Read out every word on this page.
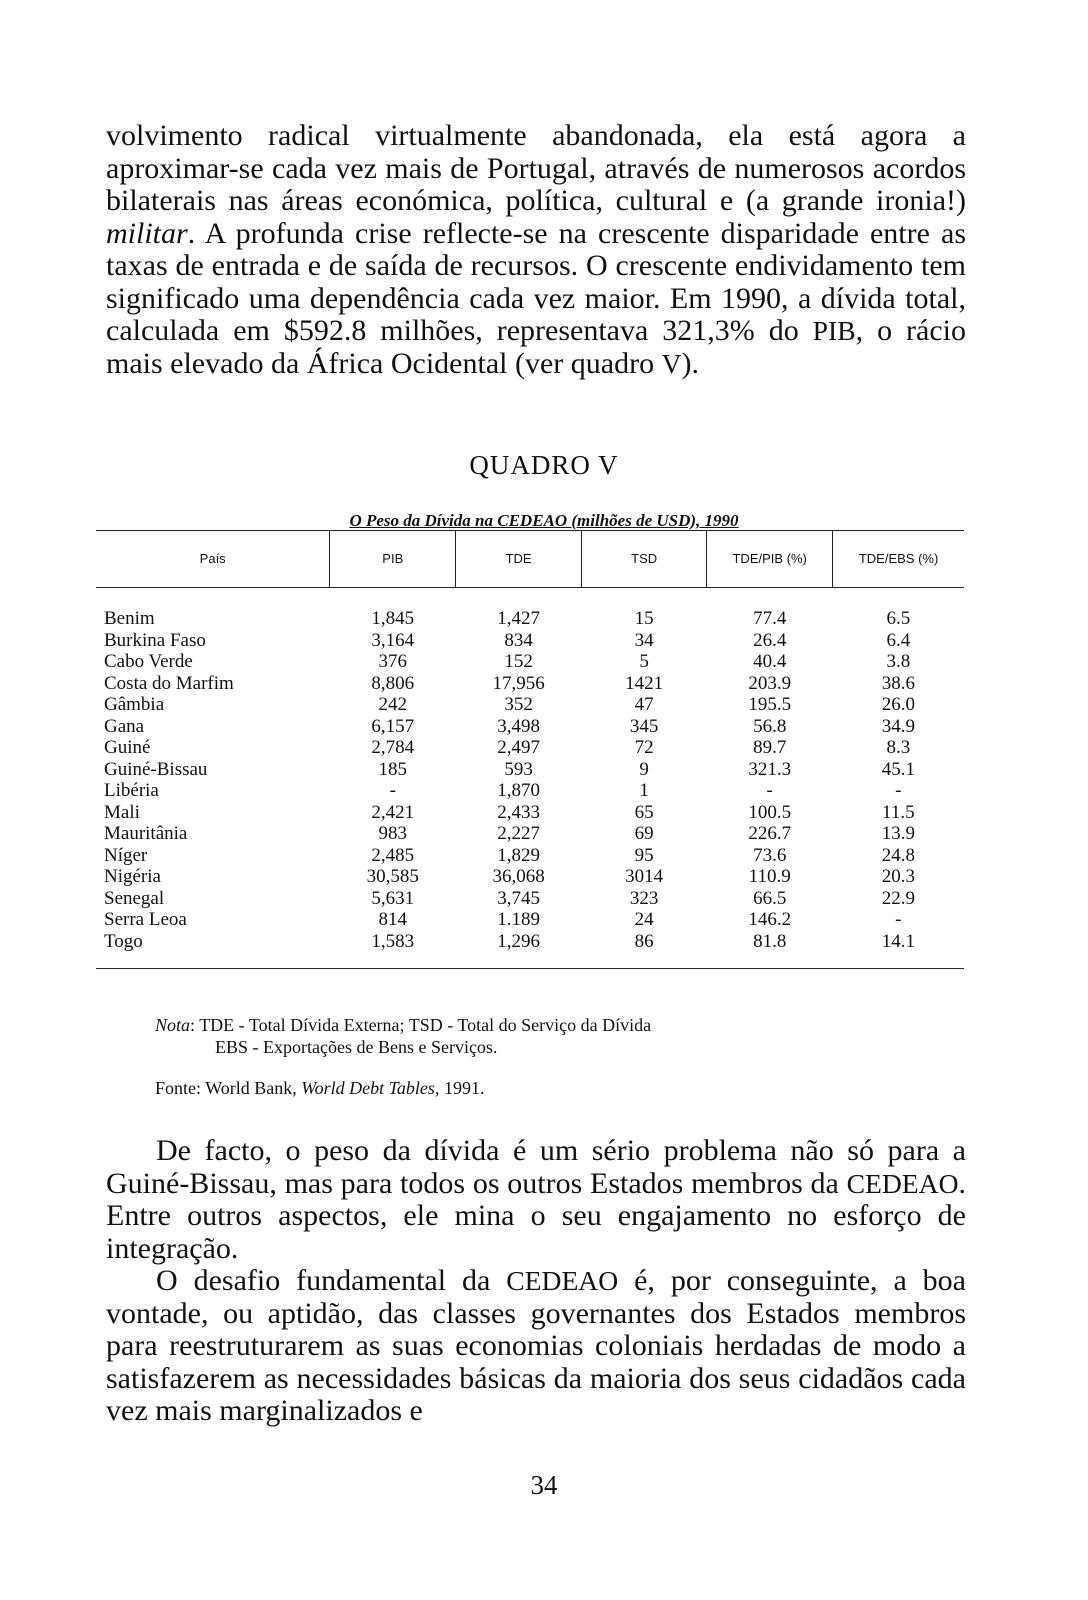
volvimento radical virtualmente abandonada, ela está agora a aproximar-se cada vez mais de Portugal, através de numerosos acordos bilaterais nas áreas económica, política, cultural e (a grande ironia!) militar. A profunda crise reflecte-se na crescente disparidade entre as taxas de entrada e de saída de recursos. O crescente endividamento tem significado uma dependência cada vez maior. Em 1990, a dívida total, calculada em $592.8 milhões, representava 321,3% do PIB, o rácio mais elevado da África Ocidental (ver quadro V).

QUADRO V
O Peso da Dívida na CEDEAO (milhões de USD), 1990
País	PIB	TDE	TSD	TDE/PIB (%)	TDE/EBS (%)
Benim	1,845	1,427	15	77.4	6.5
Burkina Faso	3,164	834	34	26.4	6.4
Cabo Verde	376	152	5	40.4	3.8
Costa do Marfim	8,806	17,956	1421	203.9	38.6
Gâmbia	242	352	47	195.5	26.0
Gana	6,157	3,498	345	56.8	34.9
Guiné	2,784	2,497	72	89.7	8.3
Guiné-Bissau	185	593	9	321.3	45.1
Libéria	-	1,870	1	-	-
Mali	2,421	2,433	65	100.5	11.5
Mauritânia	983	2,227	69	226.7	13.9
Níger	2,485	1,829	95	73.6	24.8
Nigéria	30,585	36,068	3014	110.9	20.3
Senegal	5,631	3,745	323	66.5	22.9
Serra Leoa	814	1.189	24	146.2	-
Togo	1,583	1,296	86	81.8	14.1
Nota: TDE - Total Dívida Externa; TSD - Total do Serviço da Dívida
EBS - Exportações de Bens e Serviços.
Fonte: World Bank, World Debt Tables, 1991.

De facto, o peso da dívida é um sério problema não só para a Guiné-Bissau, mas para todos os outros Estados membros da CEDEAO. Entre outros aspectos, ele mina o seu engajamento no esforço de integração.

O desafio fundamental da CEDEAO é, por conseguinte, a boa vontade, ou aptidão, das classes governantes dos Estados membros para reestruturarem as suas economias coloniais herdadas de modo a satisfazerem as necessidades básicas da maioria dos seus cidadãos cada vez mais marginalizados e

34
